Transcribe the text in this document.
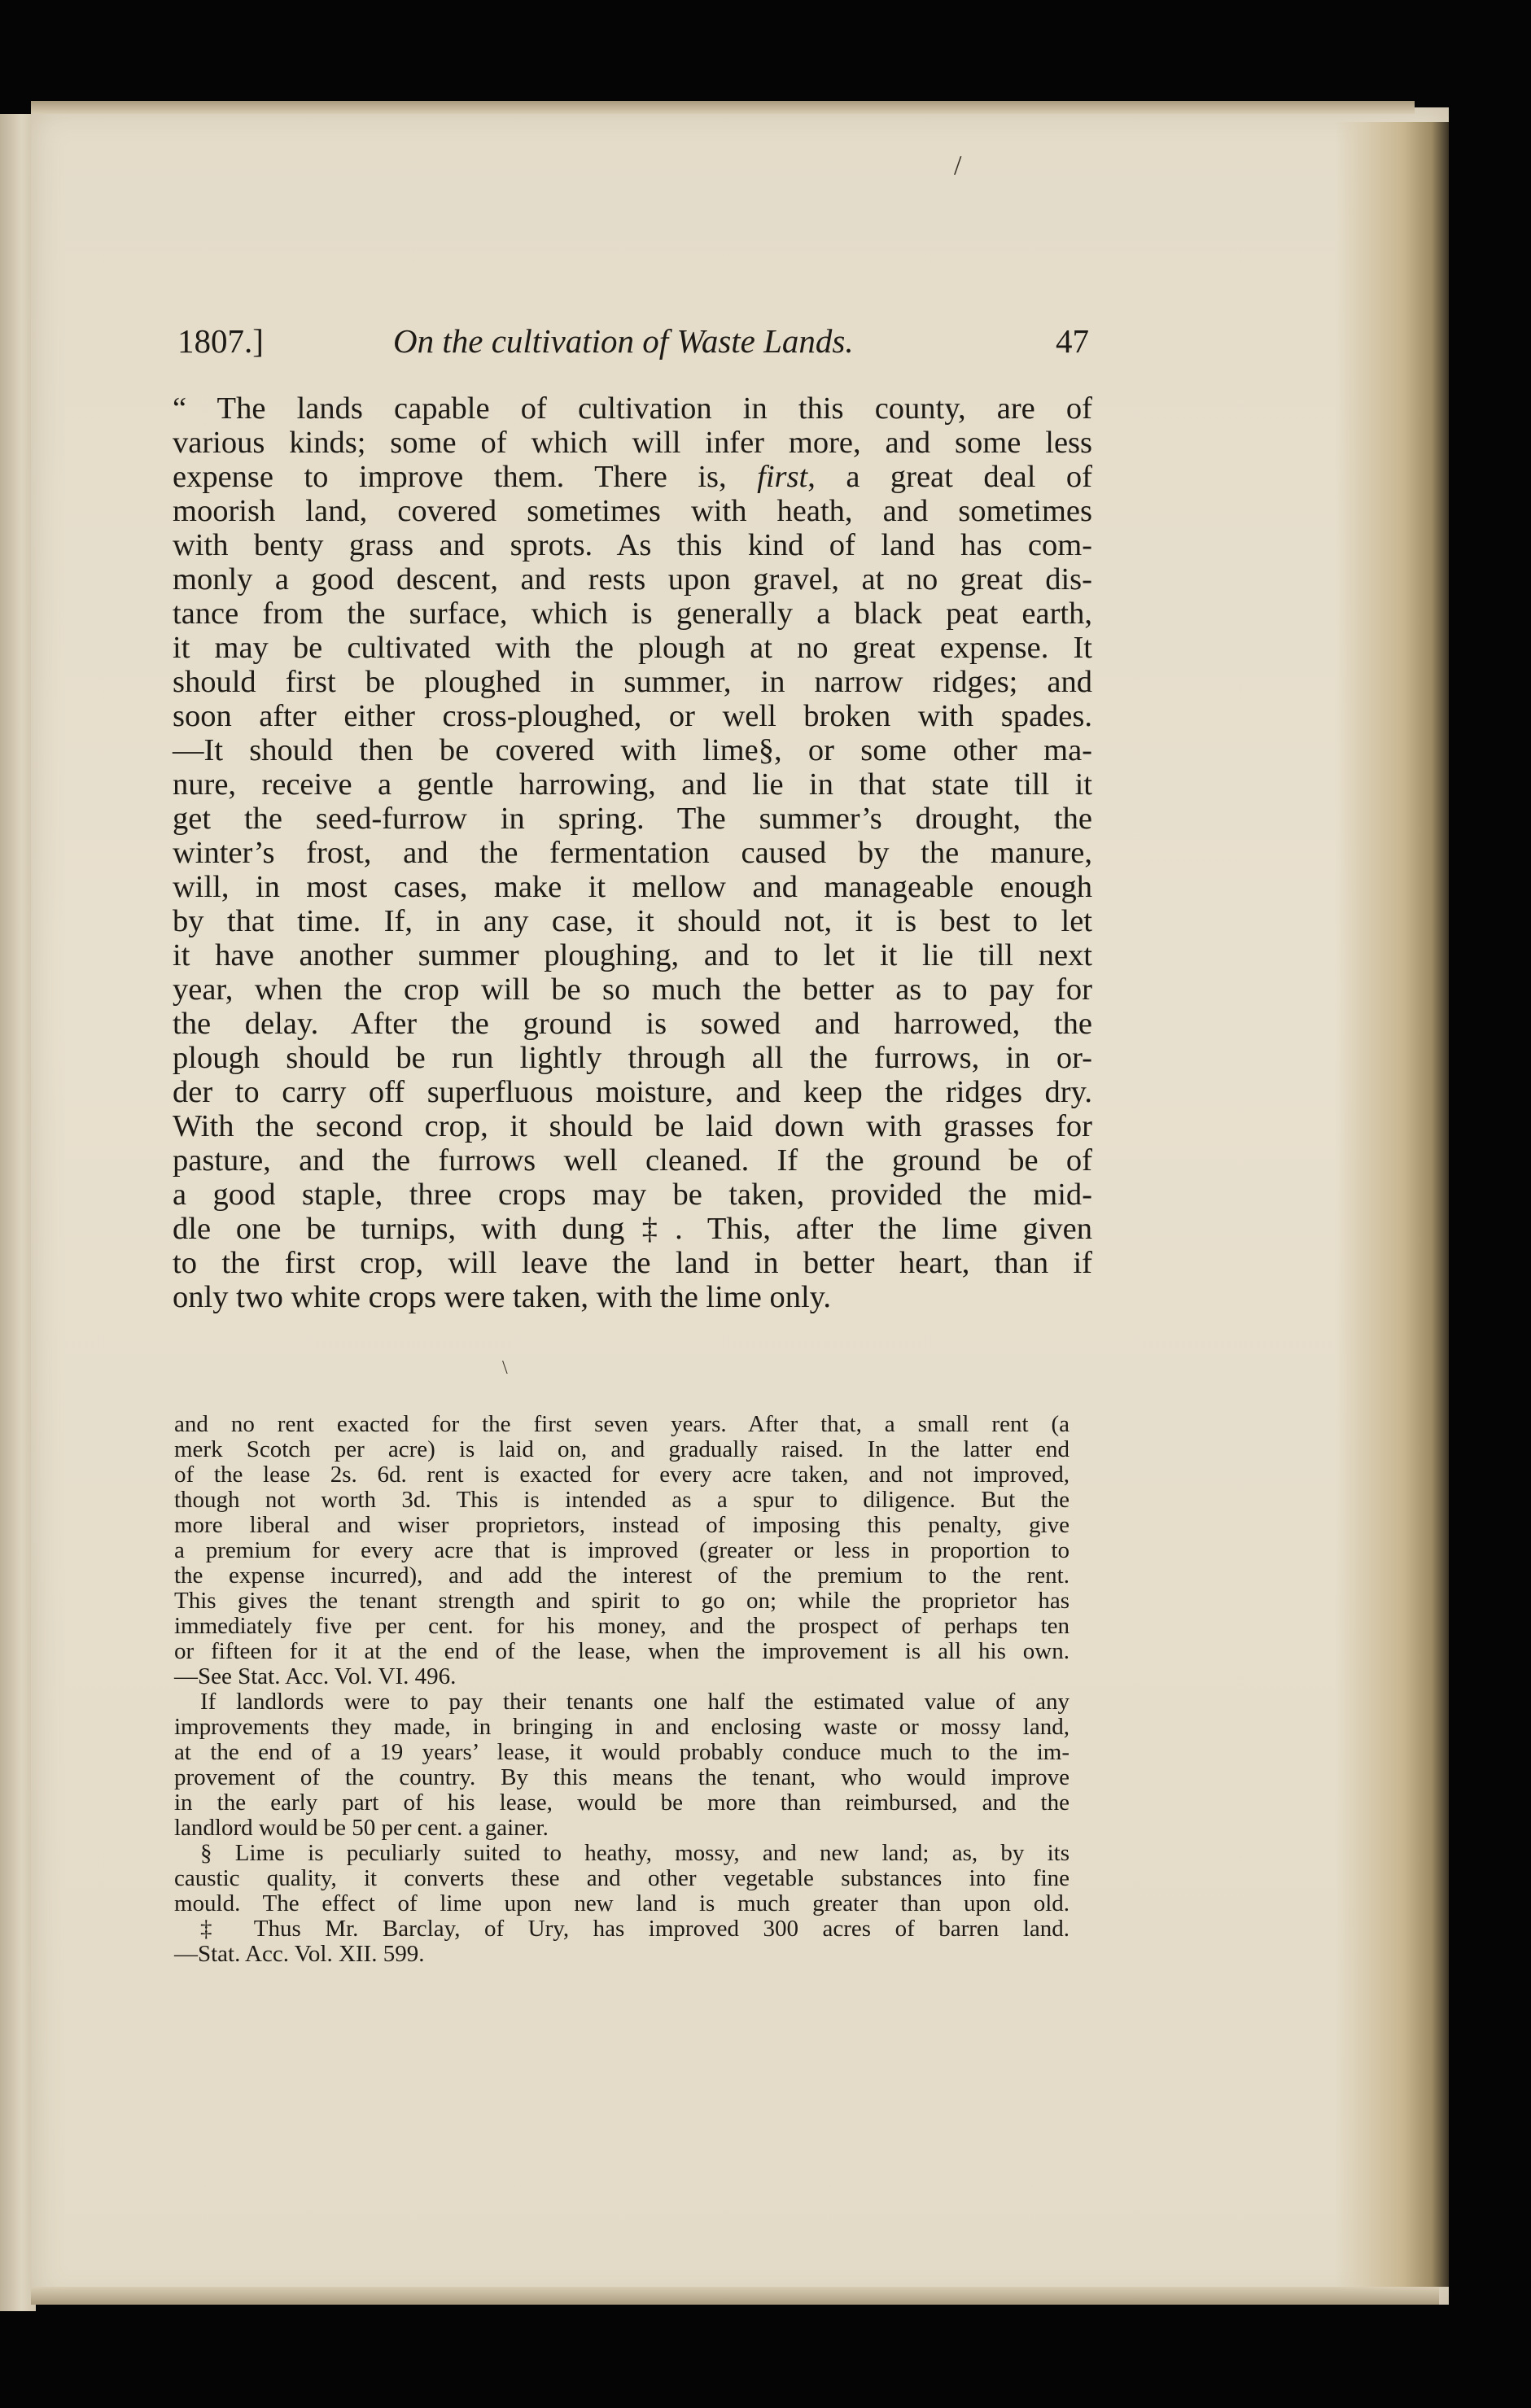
/
1807.]	On the cultivation of Waste Lands.	47
“ The lands capable of cultivation in this county, are of
various kinds; some of which will infer more, and some less
expense to improve them. There is, first, a great deal of
moorish land, covered sometimes with heath, and sometimes
with benty grass and sprots. As this kind of land has com-
monly a good descent, and rests upon gravel, at no great dis-
tance from the surface, which is generally a black peat earth,
it may be cultivated with the plough at no great expense. It
should first be ploughed in summer, in narrow ridges; and
soon after either cross-ploughed, or well broken with spades.
—It should then be covered with lime§, or some other ma-
nure, receive a gentle harrowing, and lie in that state till it
get the seed-furrow in spring. The summer’s drought, the
winter’s frost, and the fermentation caused by the manure,
will, in most cases, make it mellow and manageable enough
by that time. If, in any case, it should not, it is best to let
it have another summer ploughing, and to let it lie till next
year, when the crop will be so much the better as to pay for
the delay. After the ground is sowed and harrowed, the
plough should be run lightly through all the furrows, in or-
der to carry off superfluous moisture, and keep the ridges dry.
With the second crop, it should be laid down with grasses for
pasture, and the furrows well cleaned. If the ground be of
a good staple, three crops may be taken, provided the mid-
dle one be turnips, with dung‡. This, after the lime given
to the first crop, will leave the land in better heart, than if
only two white crops were taken, with the lime only.
\
and no rent exacted for the first seven years. After that, a small rent (a
merk Scotch per acre) is laid on, and gradually raised. In the latter end
of the lease 2s. 6d. rent is exacted for every acre taken, and not improved,
though not worth 3d. This is intended as a spur to diligence. But the
more liberal and wiser proprietors, instead of imposing this penalty, give
a premium for every acre that is improved (greater or less in proportion to
the expense incurred), and add the interest of the premium to the rent.
This gives the tenant strength and spirit to go on; while the proprietor has
immediately five per cent. for his money, and the prospect of perhaps ten
or fifteen for it at the end of the lease, when the improvement is all his own.
—See Stat. Acc. Vol. VI. 496.
If landlords were to pay their tenants one half the estimated value of any
improvements they made, in bringing in and enclosing waste or mossy land,
at the end of a 19 years’ lease, it would probably conduce much to the im-
provement of the country. By this means the tenant, who would improve
in the early part of his lease, would be more than reimbursed, and the
landlord would be 50 per cent. a gainer.
§ Lime is peculiarly suited to heathy, mossy, and new land; as, by its
caustic quality, it converts these and other vegetable substances into fine
mould. The effect of lime upon new land is much greater than upon old.
‡ Thus Mr. Barclay, of Ury, has improved 300 acres of barren land.
—Stat. Acc. Vol. XII. 599.
